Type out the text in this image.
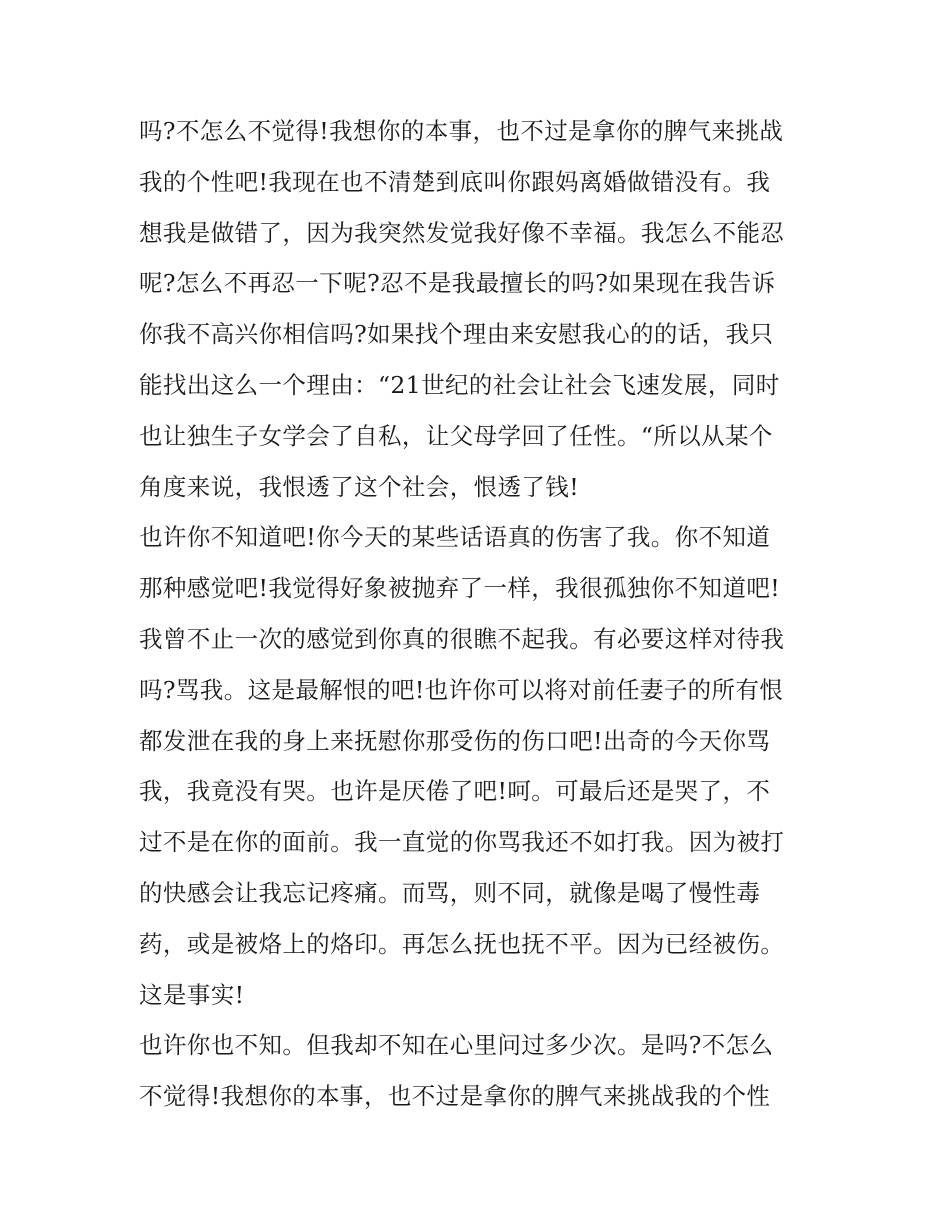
吗?不怎么不觉得!我想你的本事，也不过是拿你的脾气来挑战
我的个性吧!我现在也不清楚到底叫你跟妈离婚做错没有。我
想我是做错了，因为我突然发觉我好像不幸福。我怎么不能忍
呢?怎么不再忍一下呢?忍不是我最擅长的吗?如果现在我告诉
你我不高兴你相信吗?如果找个理由来安慰我心的的话，我只
能找出这么一个理由：“21世纪的社会让社会飞速发展，同时
也让独生子女学会了自私，让父母学回了任性。“所以从某个
角度来说，我恨透了这个社会，恨透了钱!
也许你不知道吧!你今天的某些话语真的伤害了我。你不知道
那种感觉吧!我觉得好象被抛弃了一样，我很孤独你不知道吧!
我曾不止一次的感觉到你真的很瞧不起我。有必要这样对待我
吗?骂我。这是最解恨的吧!也许你可以将对前任妻子的所有恨
都发泄在我的身上来抚慰你那受伤的伤口吧!出奇的今天你骂
我，我竟没有哭。也许是厌倦了吧!呵。可最后还是哭了，不
过不是在你的面前。我一直觉的你骂我还不如打我。因为被打
的快感会让我忘记疼痛。而骂，则不同，就像是喝了慢性毒
药，或是被烙上的烙印。再怎么抚也抚不平。因为已经被伤。
这是事实!
也许你也不知。但我却不知在心里问过多少次。是吗?不怎么
不觉得!我想你的本事，也不过是拿你的脾气来挑战我的个性
